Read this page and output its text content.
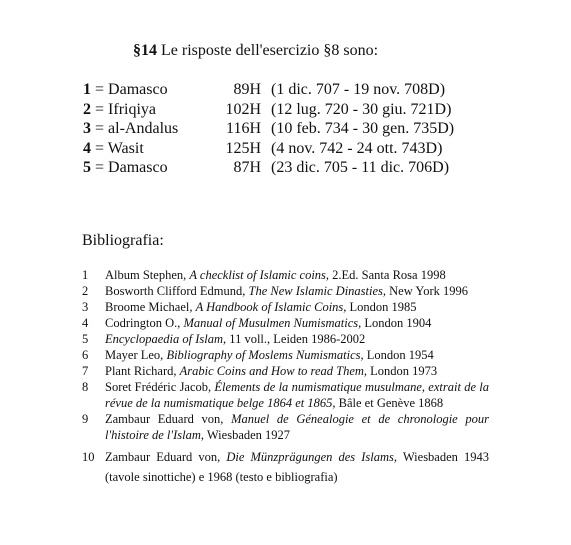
§14 Le risposte dell'esercizio §8 sono:
1 = Damasco	89H (1 dic. 707 - 19 nov. 708D)
2 = Ifriqiya	102H (12 lug. 720 - 30 giu. 721D)
3 = al-Andalus	116H (10 feb. 734 - 30 gen. 735D)
4 = Wasit	125H (4 nov. 742 - 24 ott. 743D)
5 = Damasco	87H (23 dic. 705 - 11 dic. 706D)
Bibliografia:
1	Album Stephen, A checklist of Islamic coins, 2.Ed. Santa Rosa 1998
2	Bosworth Clifford Edmund, The New Islamic Dinasties, New York 1996
3	Broome Michael, A Handbook of Islamic Coins, London 1985
4	Codrington O., Manual of Musulmen Numismatics, London 1904
5	Encyclopaedia of Islam, 11 voll., Leiden 1986-2002
6	Mayer Leo, Bibliography of Moslems Numismatics, London 1954
7	Plant Richard, Arabic Coins and How to read Them, London 1973
8	Soret Frédéric Jacob, Élements de la numismatique musulmane, extrait de la révue de la numismatique belge 1864 et 1865, Bâle et Genève 1868
9	Zambaur Eduard von, Manuel de Génealogie et de chronologie pour l'histoire de l'Islam, Wiesbaden 1927
10 Zambaur Eduard von, Die Münzprägungen des Islams, Wiesbaden 1943 (tavole sinottiche) e 1968 (testo e bibliografia)
